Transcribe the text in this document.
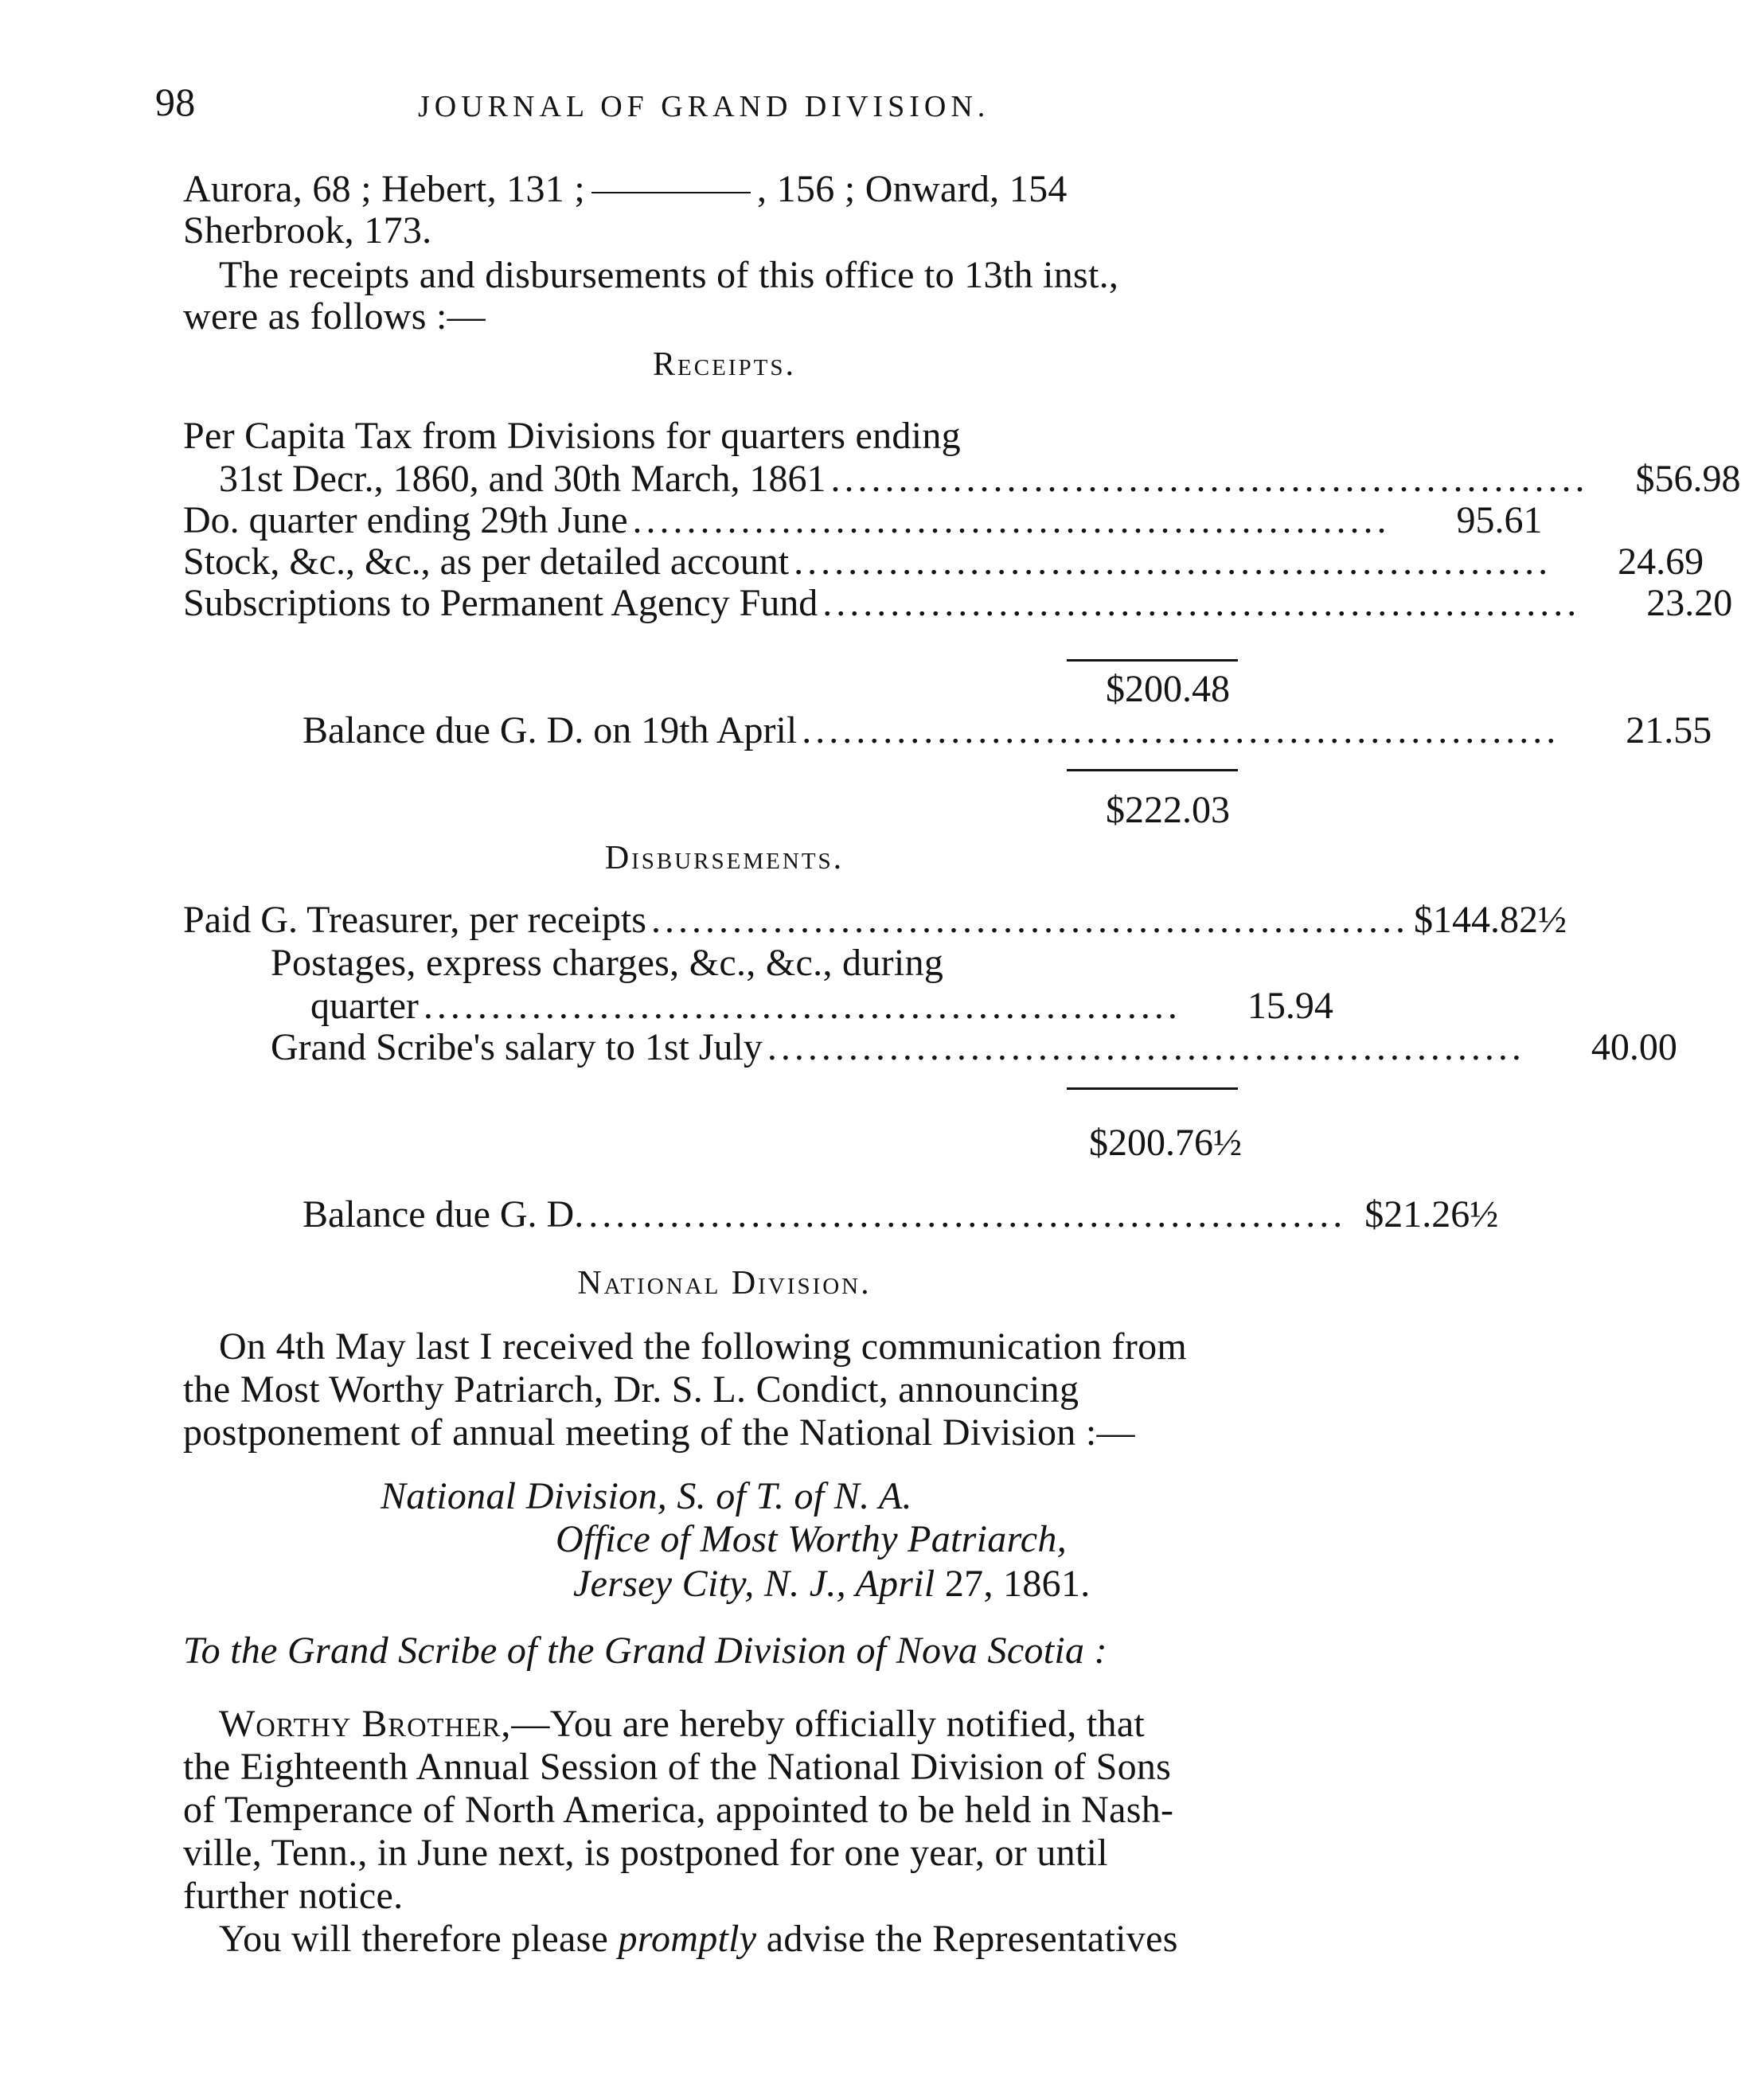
98	JOURNAL OF GRAND DIVISION.
Aurora, 68 ; Hebert, 131 ;	, 156 ; Onward, 154
Sherbrook, 173.
The receipts and disbursements of this office to 13th inst.,
were as follows :—
Receipts.
Per Capita Tax from Divisions for quarters ending
31st Decr., 1860, and 30th March, 1861 ........................................................	$56.98
Do. quarter ending 29th June ........................................................	95.61
Stock, &c., &c., as per detailed account ........................................................	24.69
Subscriptions to Permanent Agency Fund ........................................................	23.20
$200.48
Balance due G. D. on 19th April ........................................................	21.55
$222.03
Disbursements.
Paid G. Treasurer, per receipts ........................................................ $144.82½
Postages, express charges, &c., &c., during
quarter ........................................................	15.94
Grand Scribe's salary to 1st July ........................................................	40.00
$200.76½
Balance due G. D. ........................................................ $21.26½
National Division.
On 4th May last I received the following communication from
the Most Worthy Patriarch, Dr. S. L. Condict, announcing
postponement of annual meeting of the National Division :—
National Division, S. of T. of N. A.
Office of Most Worthy Patriarch,
Jersey City, N. J., April 27, 1861.
To the Grand Scribe of the Grand Division of Nova Scotia :
Worthy Brother,—You are hereby officially notified, that
the Eighteenth Annual Session of the National Division of Sons
of Temperance of North America, appointed to be held in Nash-
ville, Tenn., in June next, is postponed for one year, or until
further notice.
You will therefore please promptly advise the Representatives
